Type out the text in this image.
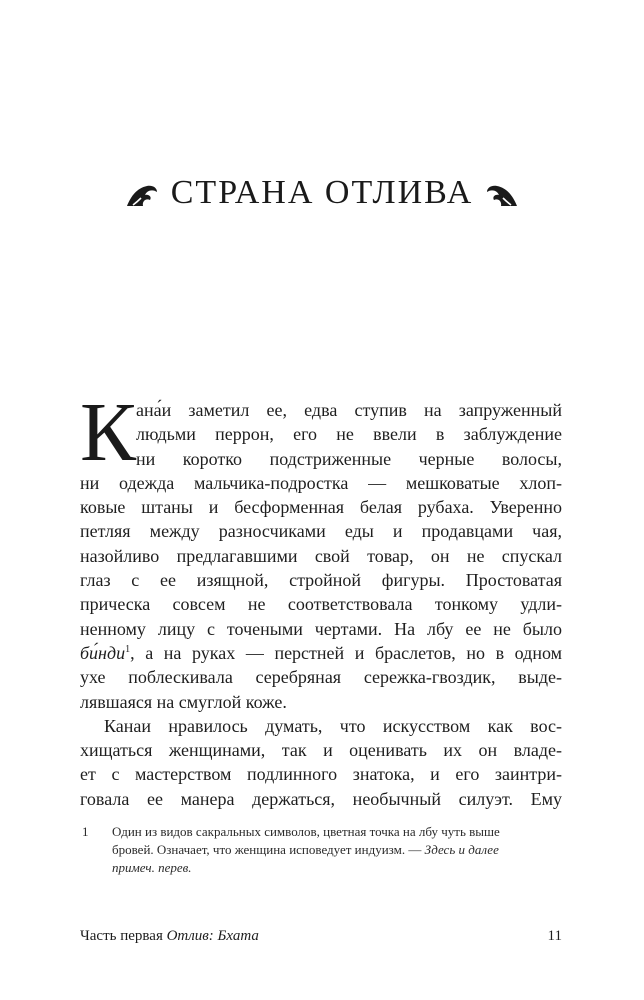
СТРАНА ОТЛИВА
К ана́и заметил ее, едва ступив на запруженный
людьми перрон, его не ввели в заблуждение
ни коротко подстриженные черные волосы,
ни одежда мальчика-подростка — мешковатые хлоп-
ковые штаны и бесформенная белая рубаха. Уверенно
петляя между разносчиками еды и продавцами чая,
назойливо предлагавшими свой товар, он не спускал
глаз с ее изящной, стройной фигуры. Простоватая
прическа совсем не соответствовала тонкому удли-
ненному лицу с точеными чертами. На лбу ее не было
би́нди$^1$, а на руках — перстней и браслетов, но в одном
ухе поблескивала серебряная сережка-гвоздик, выде-
лявшаяся на смуглой коже.
Канаи нравилось думать, что искусством как вос-
хищаться женщинами, так и оценивать их он владе-
ет с мастерством подлинного знатока, и его заинтри-
говала ее манера держаться, необычный силуэт. Ему
1 Один из видов сакральных символов, цветная точка на лбу чуть выше
бровей. Означает, что женщина исповедует индуизм. — Здесь и далее
примеч. перев.
Часть первая Отлив: Бхата	11
